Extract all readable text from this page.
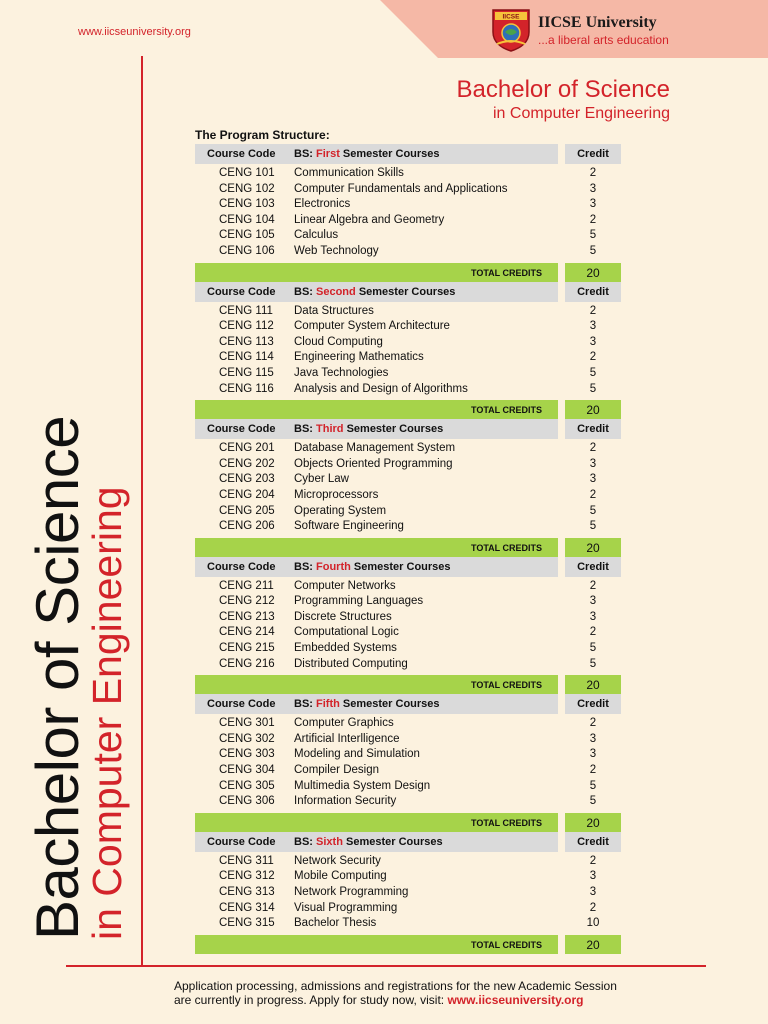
www.iicseuniversity.org
IICSE IICSE University
...a liberal arts education
Bachelor of Science
in Computer Engineering
Bachelor of Science
in Computer Engineering
The Program Structure:
Course Code BS: First Semester Courses	Credit
CENG 101 Communication Skills	2
CENG 102 Computer Fundamentals and Applications	3
CENG 103 Electronics	3
CENG 104 Linear Algebra and Geometry	2
CENG 105 Calculus	5
CENG 106 Web Technology	5
TOTAL CREDITS	20
Course Code BS: Second Semester Courses	Credit
CENG 111 Data Structures	2
CENG 112 Computer System Architecture	3
CENG 113 Cloud Computing	3
CENG 114 Engineering Mathematics	2
CENG 115 Java Technologies	5
CENG 116 Analysis and Design of Algorithms	5
TOTAL CREDITS	20
Course Code BS: Third Semester Courses	Credit
CENG 201 Database Management System	2
CENG 202 Objects Oriented Programming	3
CENG 203 Cyber Law	3
CENG 204 Microprocessors	2
CENG 205 Operating System	5
CENG 206 Software Engineering	5
TOTAL CREDITS	20
Course Code BS: Fourth Semester Courses	Credit
CENG 211 Computer Networks	2
CENG 212 Programming Languages	3
CENG 213 Discrete Structures	3
CENG 214 Computational Logic	2
CENG 215 Embedded Systems	5
CENG 216 Distributed Computing	5
TOTAL CREDITS	20
Course Code BS: Fifth Semester Courses	Credit
CENG 301 Computer Graphics	2
CENG 302 Artificial Interlligence	3
CENG 303 Modeling and Simulation	3
CENG 304 Compiler Design	2
CENG 305 Multimedia System Design	5
CENG 306 Information Security	5
TOTAL CREDITS	20
Course Code BS: Sixth Semester Courses	Credit
CENG 311 Network Security	2
CENG 312 Mobile Computing	3
CENG 313 Network Programming	3
CENG 314 Visual Programming	2
CENG 315 Bachelor Thesis	10
TOTAL CREDITS	20
Application processing, admissions and registrations for the new Academic Session
are currently in progress. Apply for study now, visit: www.iicseuniversity.org
